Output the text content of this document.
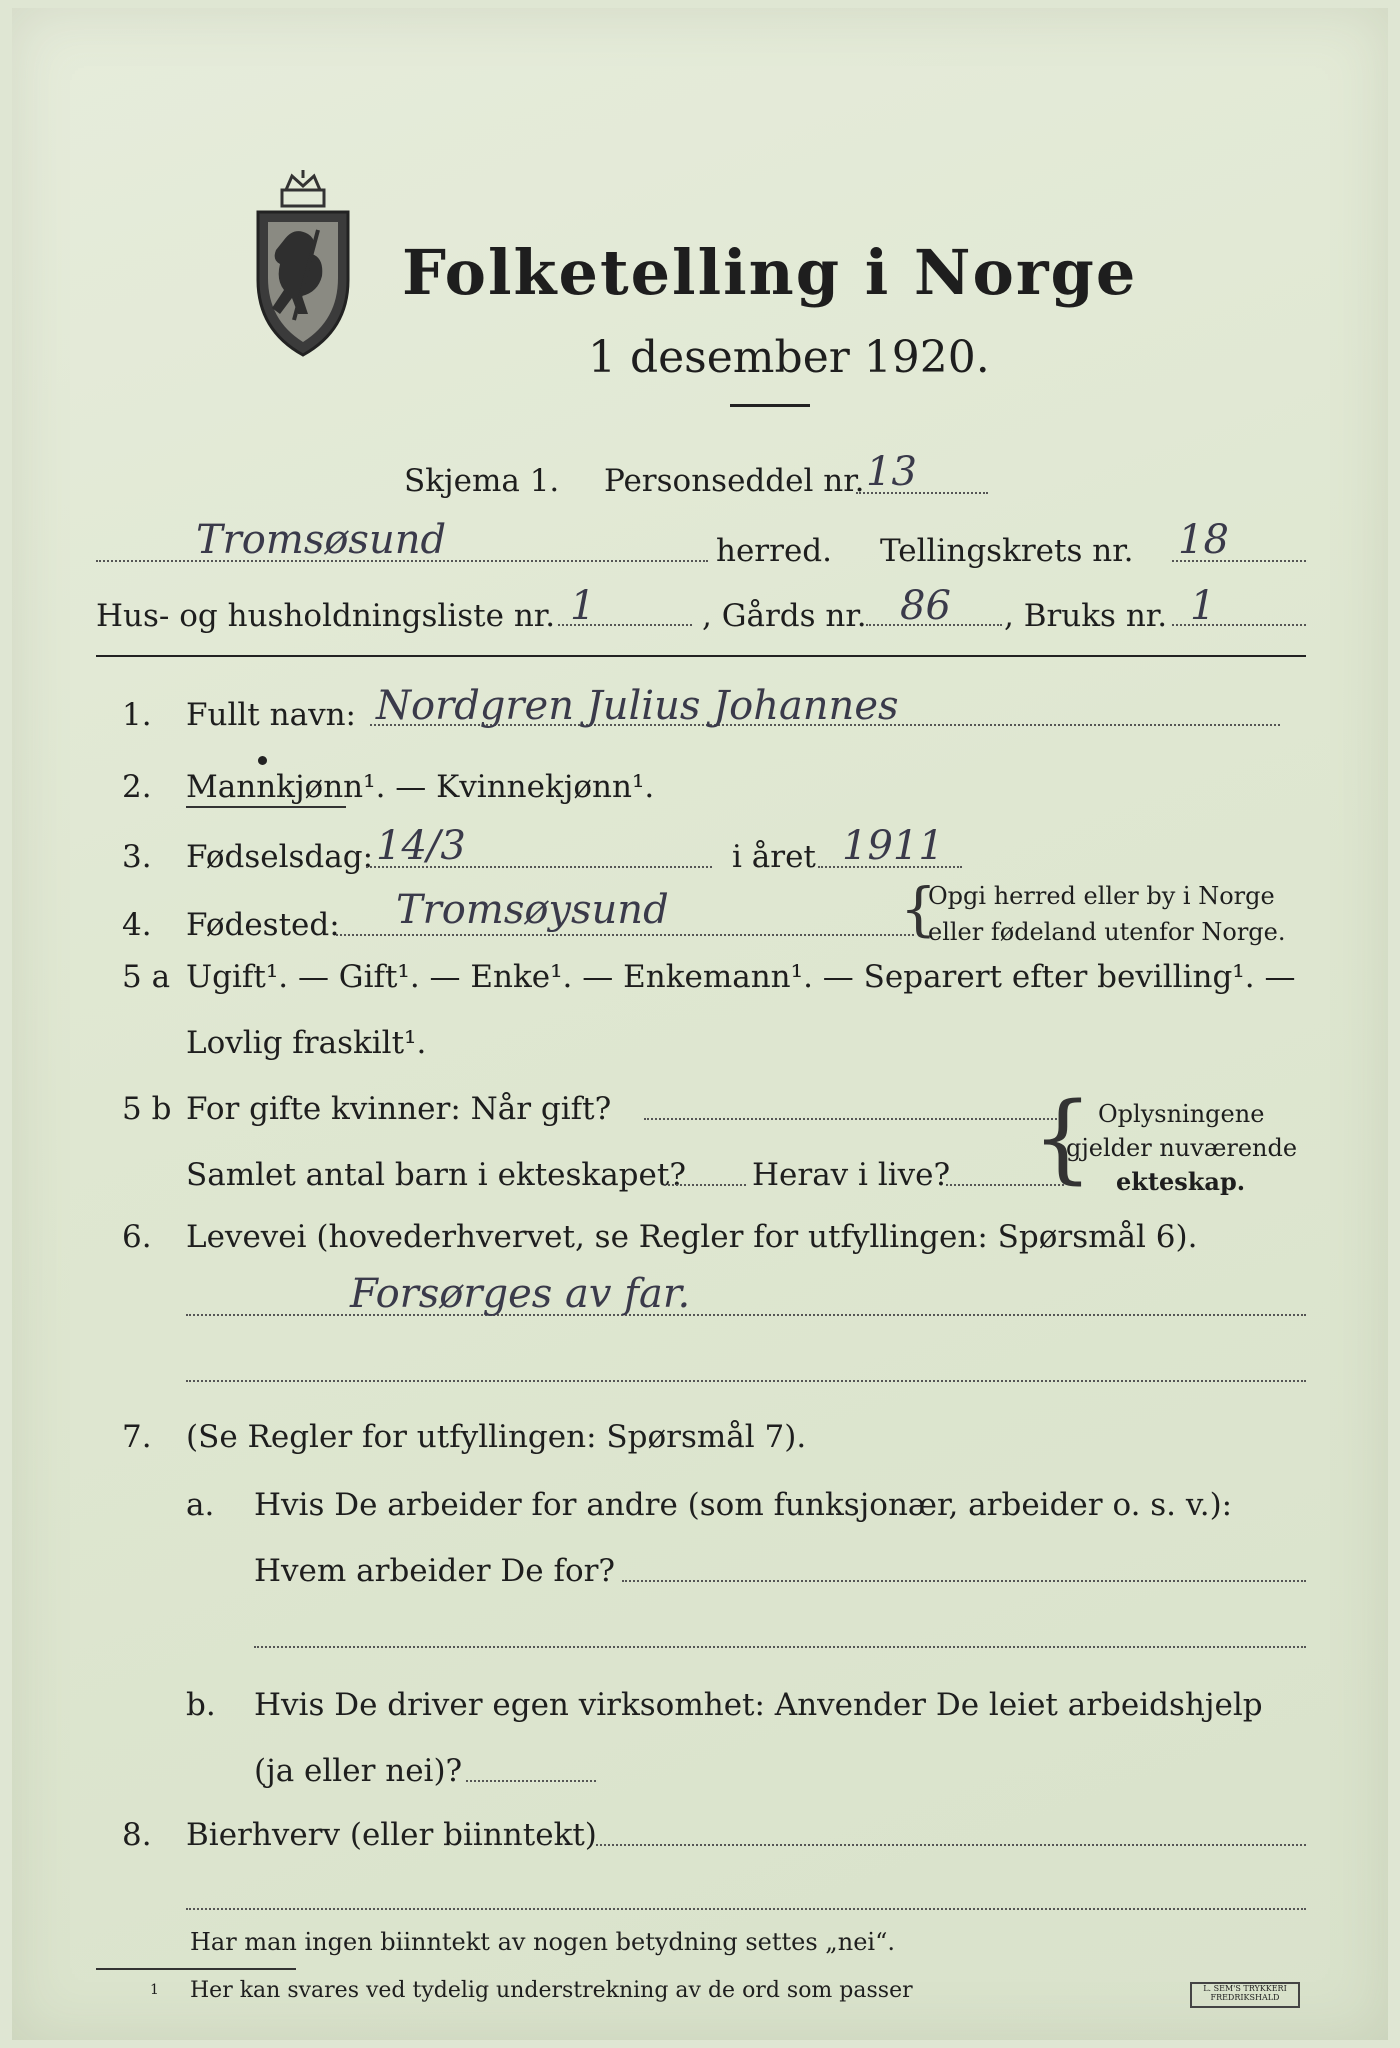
Folketelling i Norge
1 desember 1920.
Skjema 1. Personseddel nr. 13
Tromsøsund	herred. Tellingskrets nr. 18
Hus- og husholdningsliste nr. 1	, Gårds nr. 86 , Bruks nr. 1
1. Fullt navn: Nordgren Julius Johannes
2. Mannkjønn¹. — Kvinnekjønn¹.
3. Fødselsdag: 14/3	i året 1911
4. Fødested: Tromsøysund	{
Opgi herred eller by i Norge
eller fødeland utenfor Norge.
5 a Ugift¹. — Gift¹. — Enke¹. — Enkemann¹. — Separert efter bevilling¹. —
Lovlig fraskilt¹.
5 b For gifte kvinner: Når gift?
Samlet antal barn i ekteskapet? Herav i live? { Oplysningene
gjelder nuværende
ekteskap.
6. Levevei (hovederhvervet, se Regler for utfyllingen: Spørsmål 6).
Forsørges av far.
7. (Se Regler for utfyllingen: Spørsmål 7).
a. Hvis De arbeider for andre (som funksjonær, arbeider o. s. v.):
Hvem arbeider De for?
b. Hvis De driver egen virksomhet: Anvender De leiet arbeidshjelp
(ja eller nei)?
8. Bierhverv (eller biinntekt)
Har man ingen biinntekt av nogen betydning settes „nei“.
1 Her kan svares ved tydelig understrekning av de ord som passer	L. SEM'S TRYKKERI FREDRIKSHALD
